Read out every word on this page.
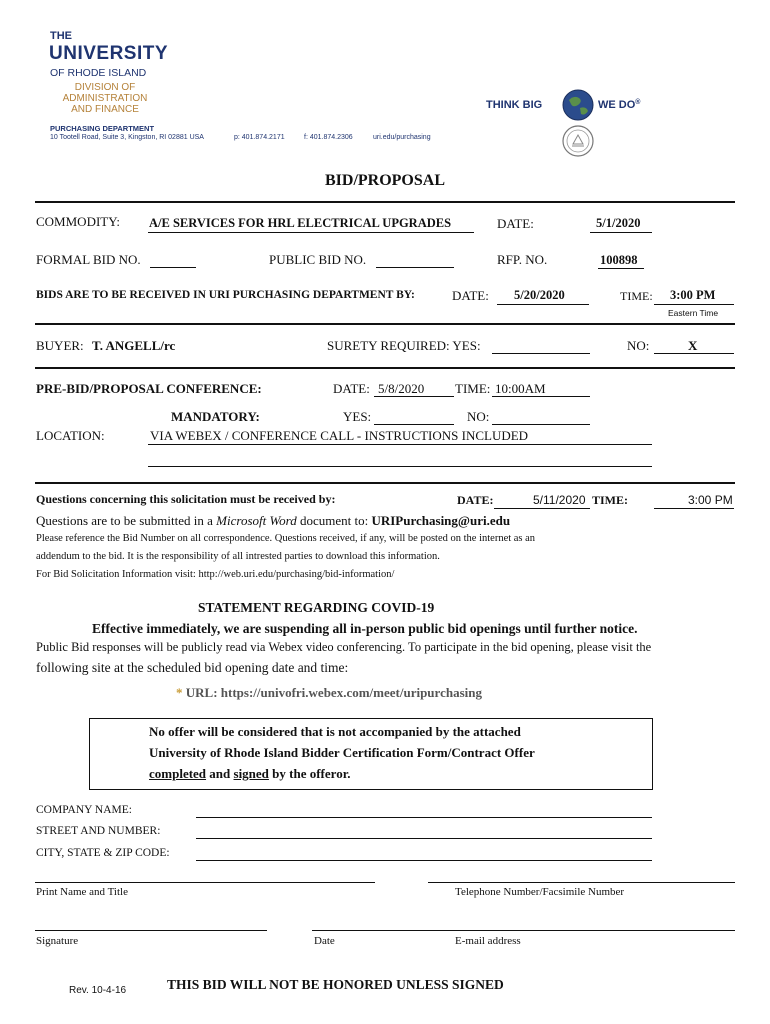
THE
UNIVERSITY
OF RHODE ISLAND
DIVISION OF
ADMINISTRATION
AND FINANCE
PURCHASING DEPARTMENT
10 Tootell Road, Suite 3, Kingston, RI 02881 USA	p: 401.874.2171	f: 401.874.2306	uri.edu/purchasing
THINK BIG	WE DO®
BID/PROPOSAL
COMMODITY: A/E SERVICES FOR HRL ELECTRICAL UPGRADES	DATE:	5/1/2020
FORMAL BID NO.	PUBLIC BID NO.	RFP. NO.	100898
BIDS ARE TO BE RECEIVED IN URI PURCHASING DEPARTMENT BY:	DATE: 5/20/2020	TIME: 3:00 PM
Eastern Time
BUYER: T. ANGELL/rc	SURETY REQUIRED: YES:	NO:	X
PRE-BID/PROPOSAL CONFERENCE:	DATE: 5/8/2020 TIME: 10:00AM
MANDATORY:	YES:	NO:
LOCATION:	VIA WEBEX / CONFERENCE CALL - INSTRUCTIONS INCLUDED
Questions concerning this solicitation must be received by:	DATE:	5/11/2020 TIME:	3:00 PM
Questions are to be submitted in a Microsoft Word document to: URIPurchasing@uri.edu
Please reference the Bid Number on all correspondence. Questions received, if any, will be posted on the internet as an
addendum to the bid. It is the responsibility of all intrested parties to download this information.
For Bid Solicitation Information visit: http://web.uri.edu/purchasing/bid-information/
STATEMENT REGARDING COVID-19
Effective immediately, we are suspending all in-person public bid openings until further notice.
Public Bid responses will be publicly read via Webex video conferencing. To participate in the bid opening, please visit the
following site at the scheduled bid opening date and time:
* URL: https://univofri.webex.com/meet/uripurchasing
No offer will be considered that is not accompanied by the attached
University of Rhode Island Bidder Certification Form/Contract Offer
completed and signed by the offeror.
COMPANY NAME:
STREET AND NUMBER:
CITY, STATE & ZIP CODE:
Print Name and Title	Telephone Number/Facsimile Number
Signature	Date	E-mail address
Rev. 10-4-16	THIS BID WILL NOT BE HONORED UNLESS SIGNED
